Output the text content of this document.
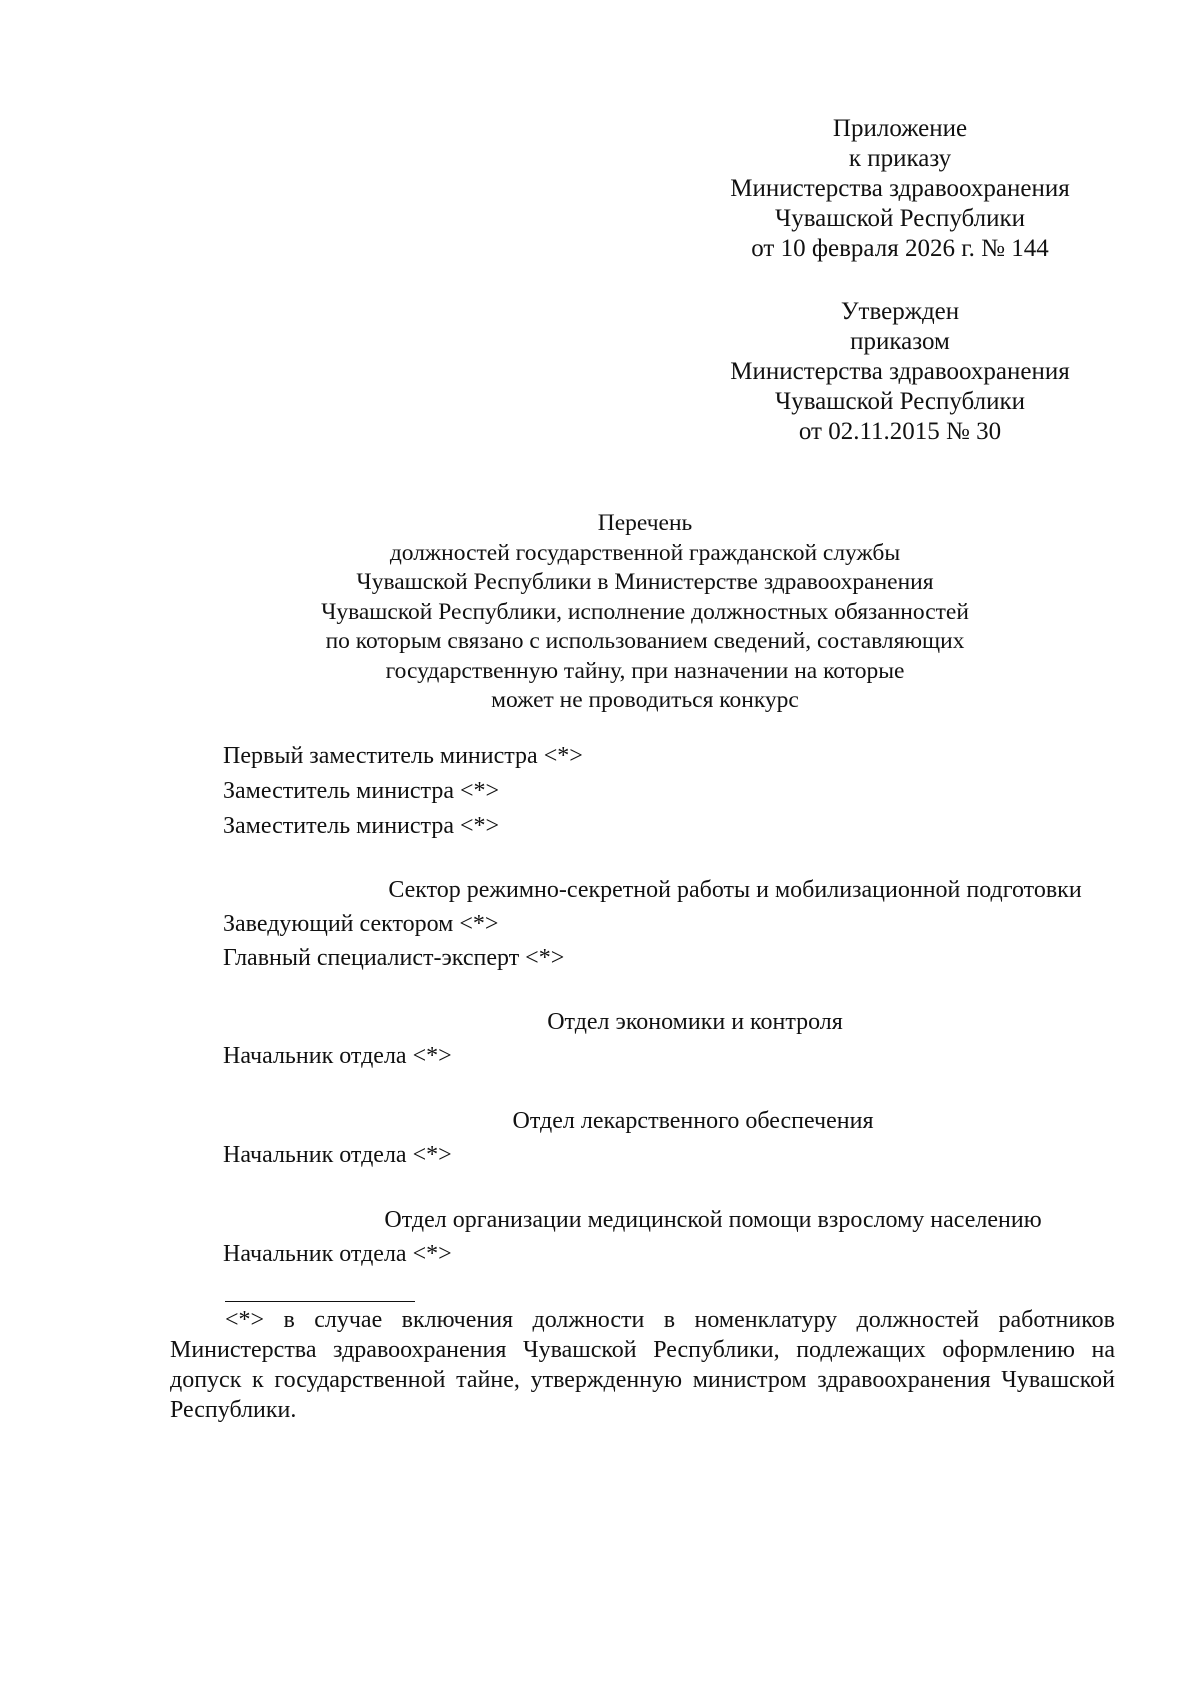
Приложение
к приказу
Министерства здравоохранения
Чувашской Республики
от 10 февраля 2026 г. № 144
Утвержден
приказом
Министерства здравоохранения
Чувашской Республики
от 02.11.2015 № 30
Перечень
должностей государственной гражданской службы
Чувашской Республики в Министерстве здравоохранения
Чувашской Республики, исполнение должностных обязанностей
по которым связано с использованием сведений, составляющих
государственную тайну, при назначении на которые
может не проводиться конкурс
Первый заместитель министра <*>
Заместитель министра <*>
Заместитель министра <*>
Сектор режимно-секретной работы и мобилизационной подготовки
Заведующий сектором <*>
Главный специалист-эксперт <*>
Отдел экономики и контроля
Начальник отдела <*>
Отдел лекарственного обеспечения
Начальник отдела <*>
Отдел организации медицинской помощи взрослому населению
Начальник отдела <*>
<*> в случае включения должности в номенклатуру должностей работников Министерства здравоохранения Чувашской Республики, подлежащих оформлению на допуск к государственной тайне, утвержденную министром здравоохранения Чувашской Республики.
